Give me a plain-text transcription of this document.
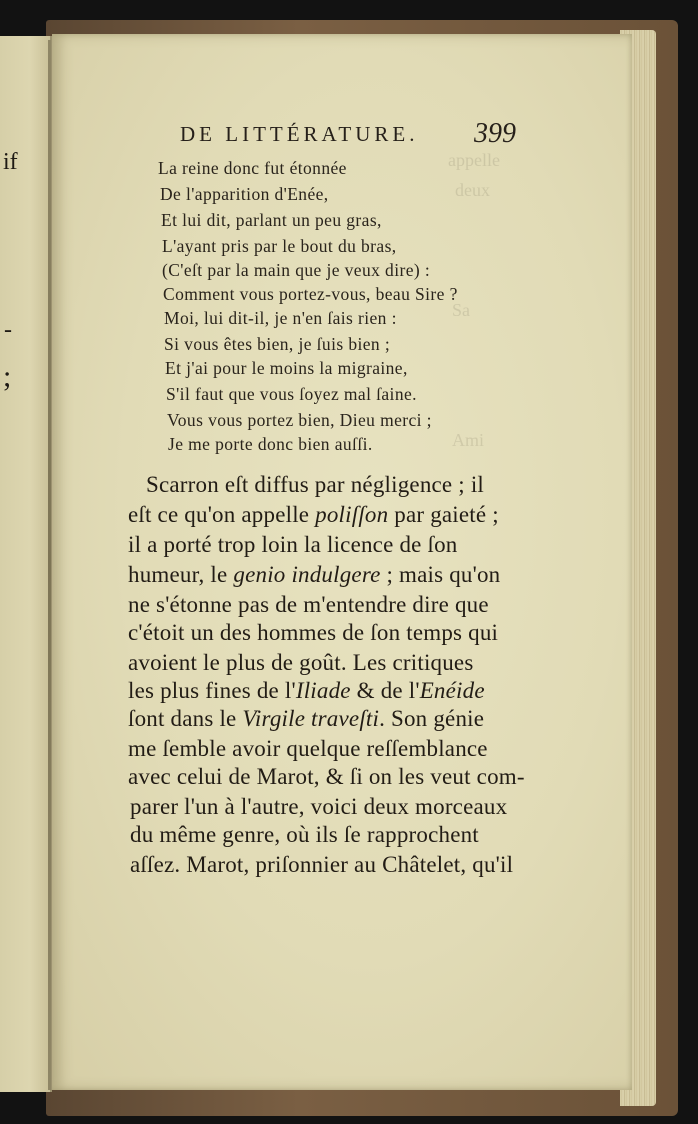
if
-
;
appelle
deux
Sa
Ami
DE LITTÉRATURE. 399
La reine donc fut étonnée
De l'apparition d'Enée,
Et lui dit, parlant un peu gras,
L'ayant pris par le bout du bras,
(C'eſt par la main que je veux dire) :
Comment vous portez-vous, beau Sire ?
Moi, lui dit-il, je n'en ſais rien :
Si vous êtes bien, je ſuis bien ;
Et j'ai pour le moins la migraine,
S'il faut que vous ſoyez mal ſaine.
Vous vous portez bien, Dieu merci ;
Je me porte donc bien auſſi.
Scarron eſt diffus par négligence ; il
eſt ce qu'on appelle poliſſon par gaieté ;
il a porté trop loin la licence de ſon
humeur, le genio indulgere ; mais qu'on
ne s'étonne pas de m'entendre dire que
c'étoit un des hommes de ſon temps qui
avoient le plus de goût. Les critiques
les plus fines de l'Iliade & de l'Enéide
ſont dans le Virgile traveſti. Son génie
me ſemble avoir quelque reſſemblance
avec celui de Marot, & ſi on les veut com-
parer l'un à l'autre, voici deux morceaux
du même genre, où ils ſe rapprochent
aſſez. Marot, priſonnier au Châtelet, qu'il
